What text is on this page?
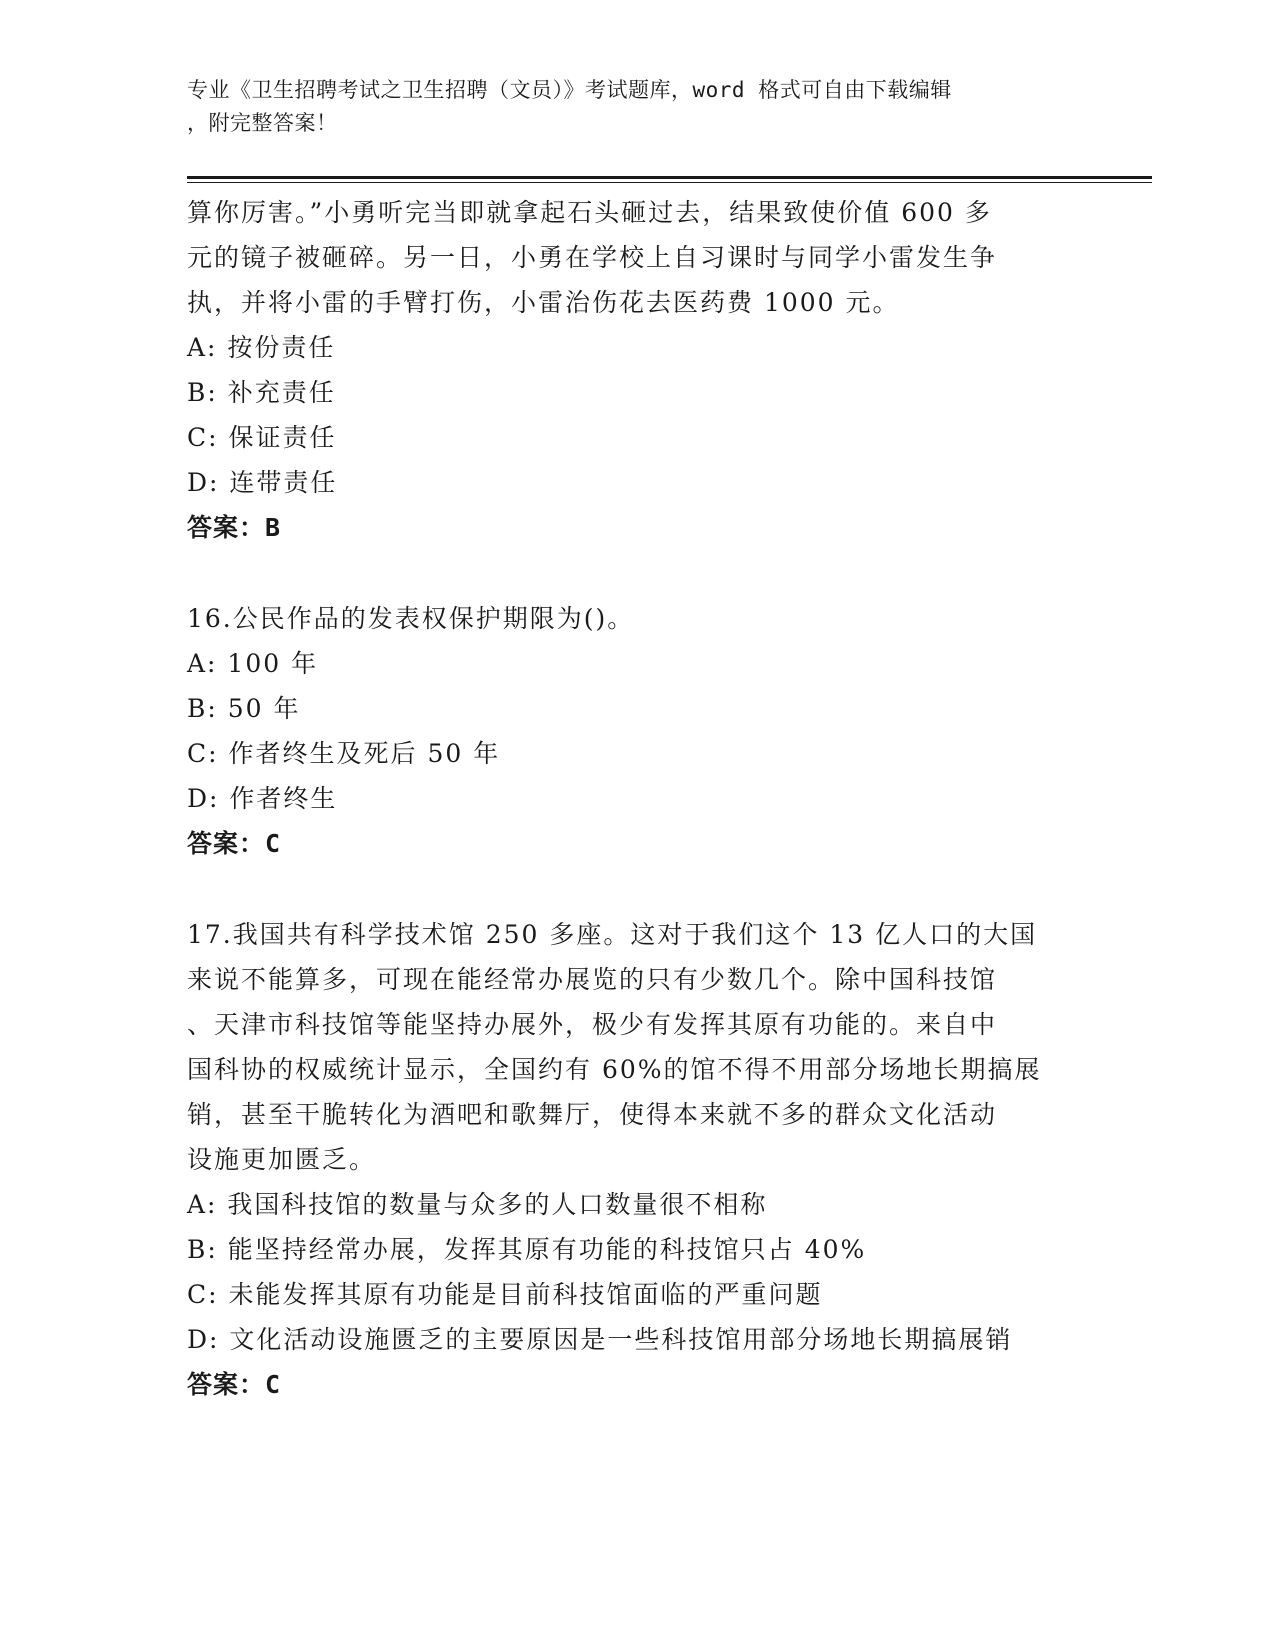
专业《卫生招聘考试之卫生招聘（文员）》考试题库，word 格式可自由下载编辑
，附完整答案！

算你厉害。”小勇听完当即就拿起石头砸过去，结果致使价值 600 多

元的镜子被砸碎。另一日，小勇在学校上自习课时与同学小雷发生争

执，并将小雷的手臂打伤，小雷治伤花去医药费 1000 元。

A: 按份责任

B: 补充责任

C: 保证责任

D: 连带责任

答案：B

16.公民作品的发表权保护期限为()。

A: 100 年

B: 50 年

C: 作者终生及死后 50 年

D: 作者终生

答案：C

17.我国共有科学技术馆 250 多座。这对于我们这个 13 亿人口的大国

来说不能算多，可现在能经常办展览的只有少数几个。除中国科技馆

、天津市科技馆等能坚持办展外，极少有发挥其原有功能的。来自中

国科协的权威统计显示，全国约有 60%的馆不得不用部分场地长期搞展

销，甚至干脆转化为酒吧和歌舞厅，使得本来就不多的群众文化活动

设施更加匮乏。

A: 我国科技馆的数量与众多的人口数量很不相称

B: 能坚持经常办展，发挥其原有功能的科技馆只占 40%

C: 未能发挥其原有功能是目前科技馆面临的严重问题

D: 文化活动设施匮乏的主要原因是一些科技馆用部分场地长期搞展销

答案：C
